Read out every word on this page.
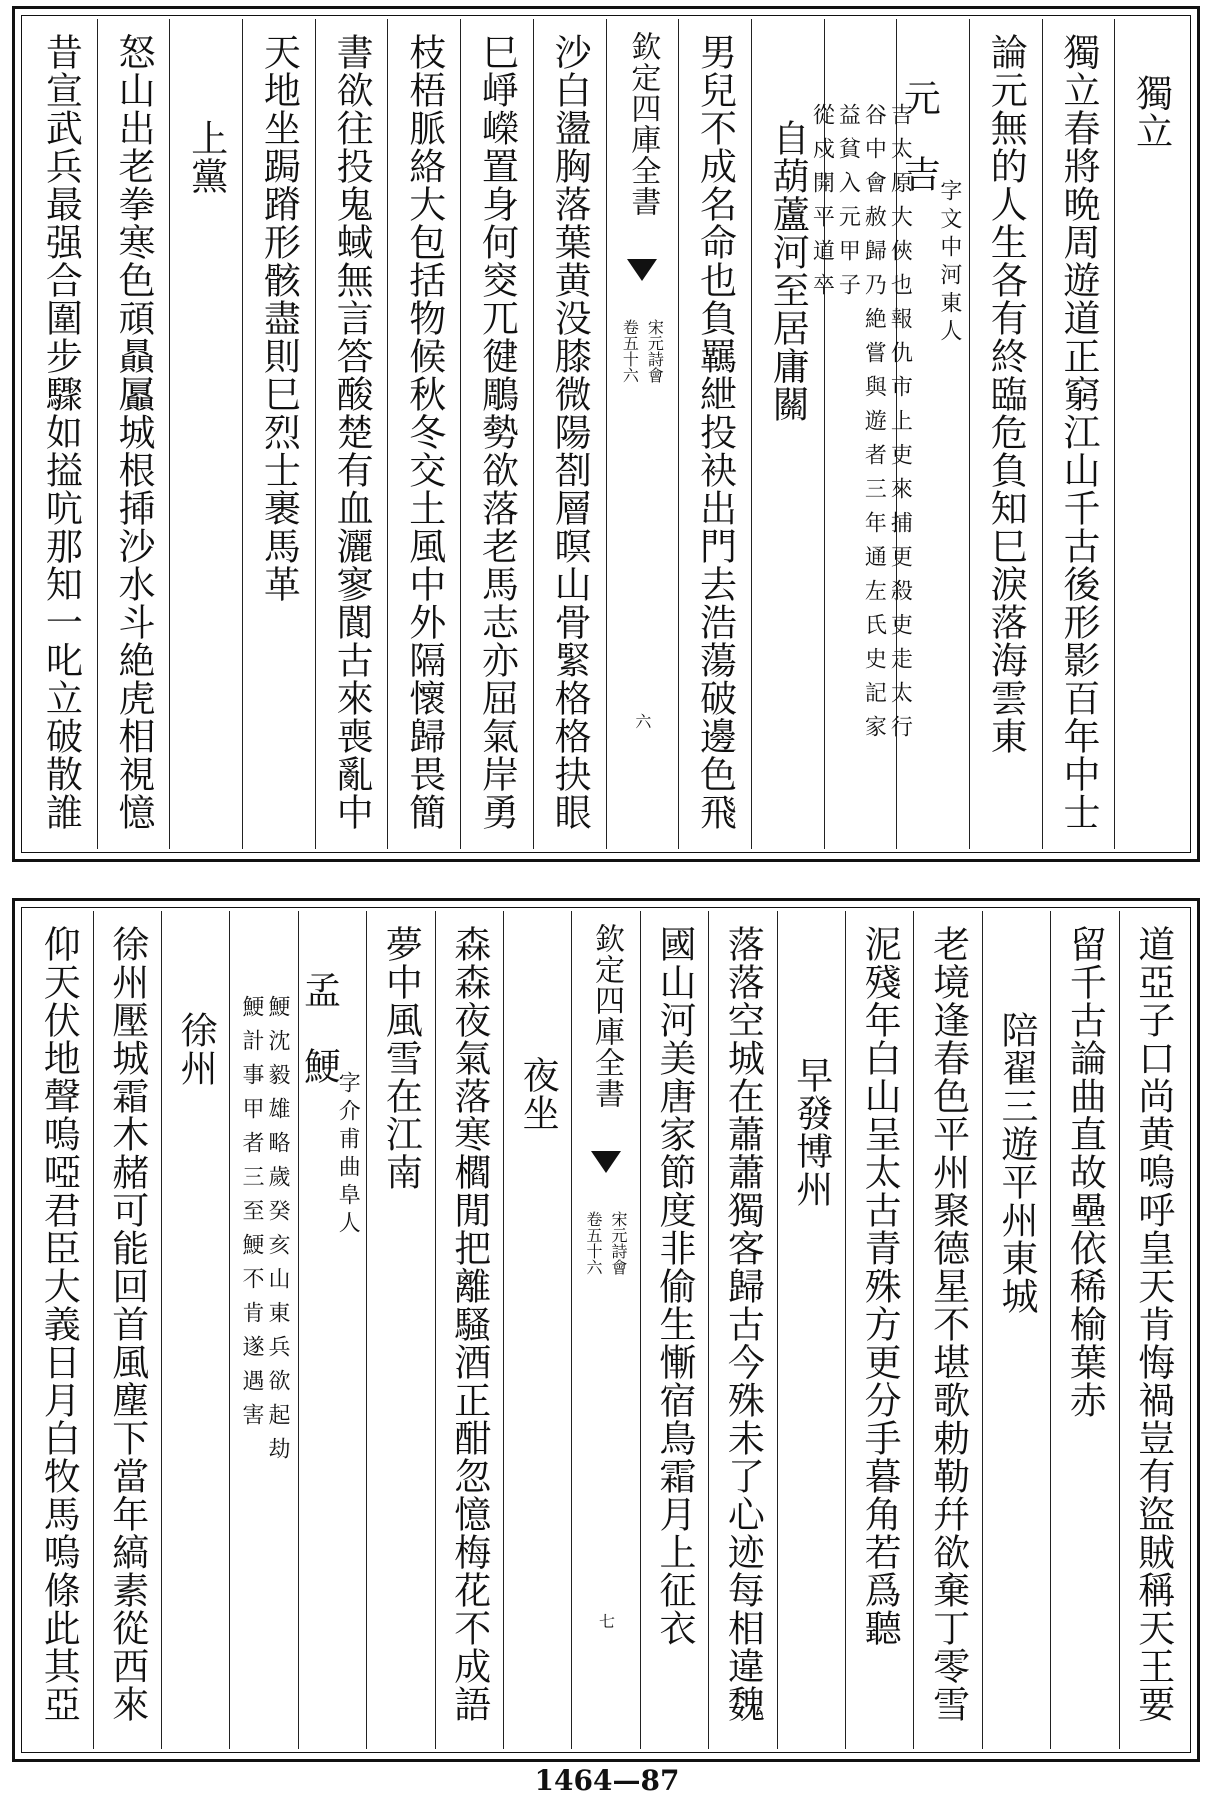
獨立
獨立春將晩周遊道正窮江山千古後形影百年中士
論元無的人生各有終臨危負知巳淚落海雲東
元　吉
字文中河東人
吉太原大俠也報仇市上吏來捕更殺吏走太行
谷中會赦歸乃絶嘗與遊者三年通左氏史記家
益貧入元甲子
從戍開平道卒
自葫蘆河至居庸關
男兒不成名命也負羈紲投袂出門去浩蕩破邊色飛
欽定四庫全書
宋元詩會
卷五十六
六
沙白盪胸落葉黄没膝微陽剳層暝山骨緊格格抉眼
巳崢嶸置身何窔兀徤鵰勢欲落老馬志亦屈氣岸勇
枝梧脈絡大包括物候秋冬交土風中外隔懷歸畏簡
書欲往投鬼蜮無言答酸楚有血灑寥閬古來喪亂中
天地坐跼蹐形骸盡則巳烈士裹馬革
上黨
怒山出老拳寒色頑贔屭城根揷沙水斗絶虎相視憶
昔宣武兵最强合圍步驟如搤吭那知一叱立破散誰
道亞子口尚黄嗚呼皇天肯悔禍豈有盜賊稱天王要
留千古論曲直故壘依稀榆葉赤
陪翟三遊平州東城
老境逢春色平州聚德星不堪歌勅勒幷欲棄丁零雪
泥殘年白山呈太古青殊方更分手暮角若爲聽
早發博州
落落空城在蕭蕭獨客歸古今殊未了心迹每相違魏
國山河美唐家節度非偷生慚宿鳥霜月上征衣
欽定四庫全書
宋元詩會
卷五十六
七
夜坐
森森夜氣落寒櫩閒把離騷酒正酣忽憶梅花不成語
夢中風雪在江南
孟　鯁
字介甫曲阜人
鯁沈毅雄略歲癸亥山東兵欲起劫
鯁計事甲者三至鯁不肯遂遇害
徐州
徐州壓城霜木赭可能回首風塵下當年縞素從西來
仰天伏地聲嗚啞君臣大義日月白牧馬嗚條此其亞
1464—87
